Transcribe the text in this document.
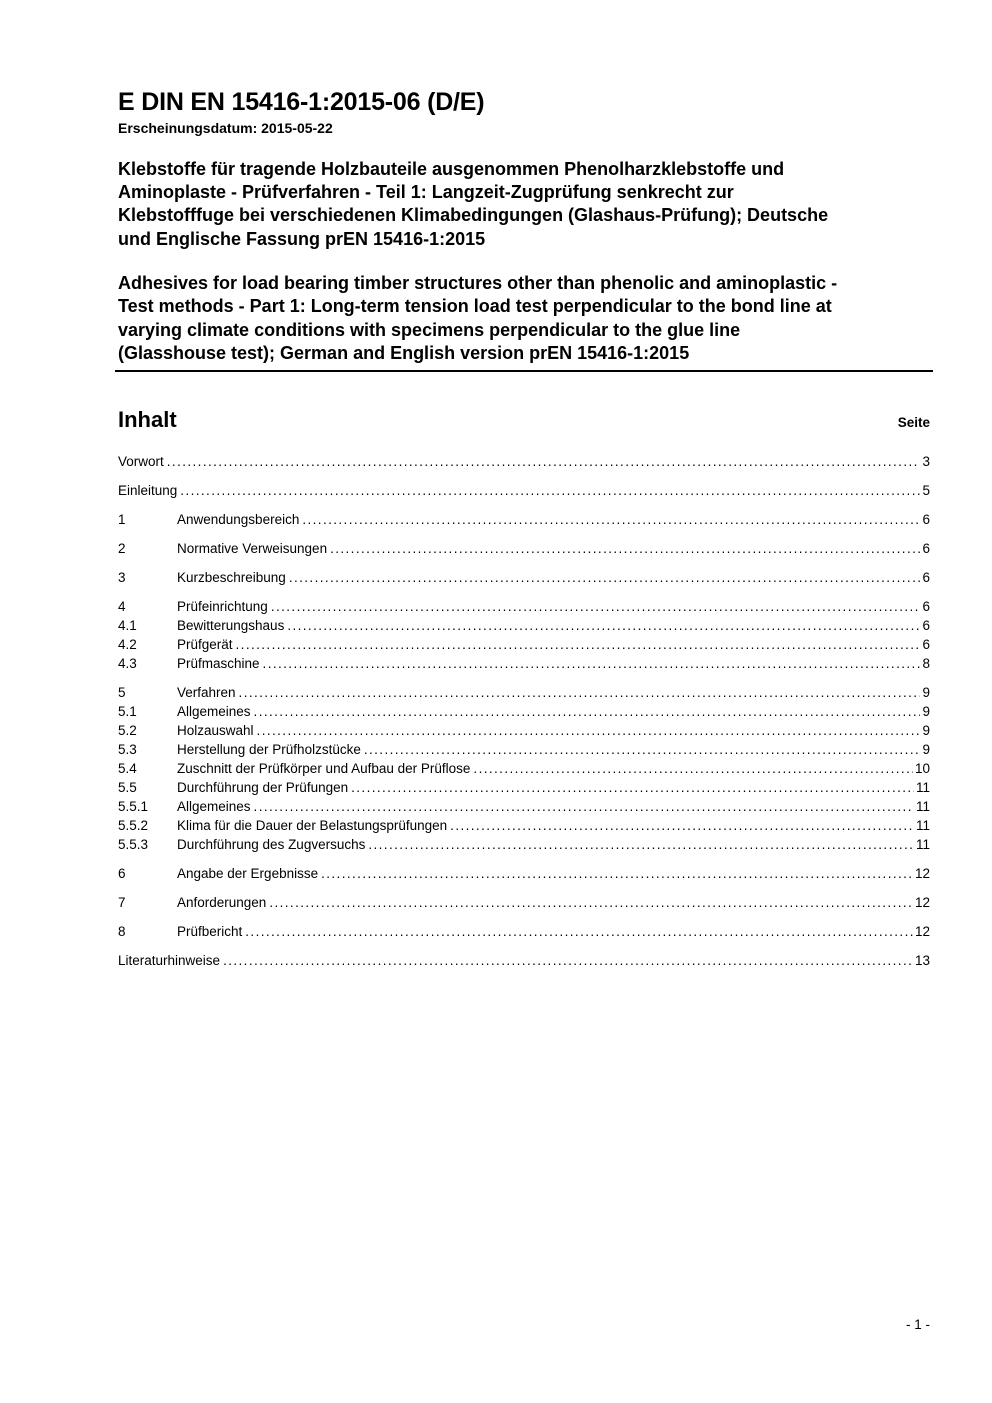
E DIN EN 15416-1:2015-06 (D/E)
Erscheinungsdatum: 2015-05-22
Klebstoffe für tragende Holzbauteile ausgenommen Phenolharzklebstoffe und
Aminoplaste - Prüfverfahren - Teil 1: Langzeit-Zugprüfung senkrecht zur
Klebstofffuge bei verschiedenen Klimabedingungen (Glashaus-Prüfung); Deutsche
und Englische Fassung prEN 15416-1:2015
Adhesives for load bearing timber structures other than phenolic and aminoplastic -
Test methods - Part 1: Long-term tension load test perpendicular to the bond line at
varying climate conditions with specimens perpendicular to the glue line
(Glasshouse test); German and English version prEN 15416-1:2015
Inhalt	Seite
Vorwort .....	3
Einleitung .....	5
1	Anwendungsbereich .....	6
2	Normative Verweisungen .....	6
3	Kurzbeschreibung .....	6
4	Prüfeinrichtung .....	6
4.1	Bewitterungshaus .....	6
4.2	Prüfgerät .....	6
4.3	Prüfmaschine .....	8
5	Verfahren .....	9
5.1	Allgemeines .....	9
5.2	Holzauswahl .....	9
5.3	Herstellung der Prüfholzstücke .....	9
5.4	Zuschnitt der Prüfkörper und Aufbau der Prüflose .....	10
5.5	Durchführung der Prüfungen .....	11
5.5.1	Allgemeines .....	11
5.5.2	Klima für die Dauer der Belastungsprüfungen .....	11
5.5.3	Durchführung des Zugversuchs .....	11
6	Angabe der Ergebnisse .....	12
7	Anforderungen .....	12
8	Prüfbericht .....	12
Literaturhinweise .....	13
- 1 -
